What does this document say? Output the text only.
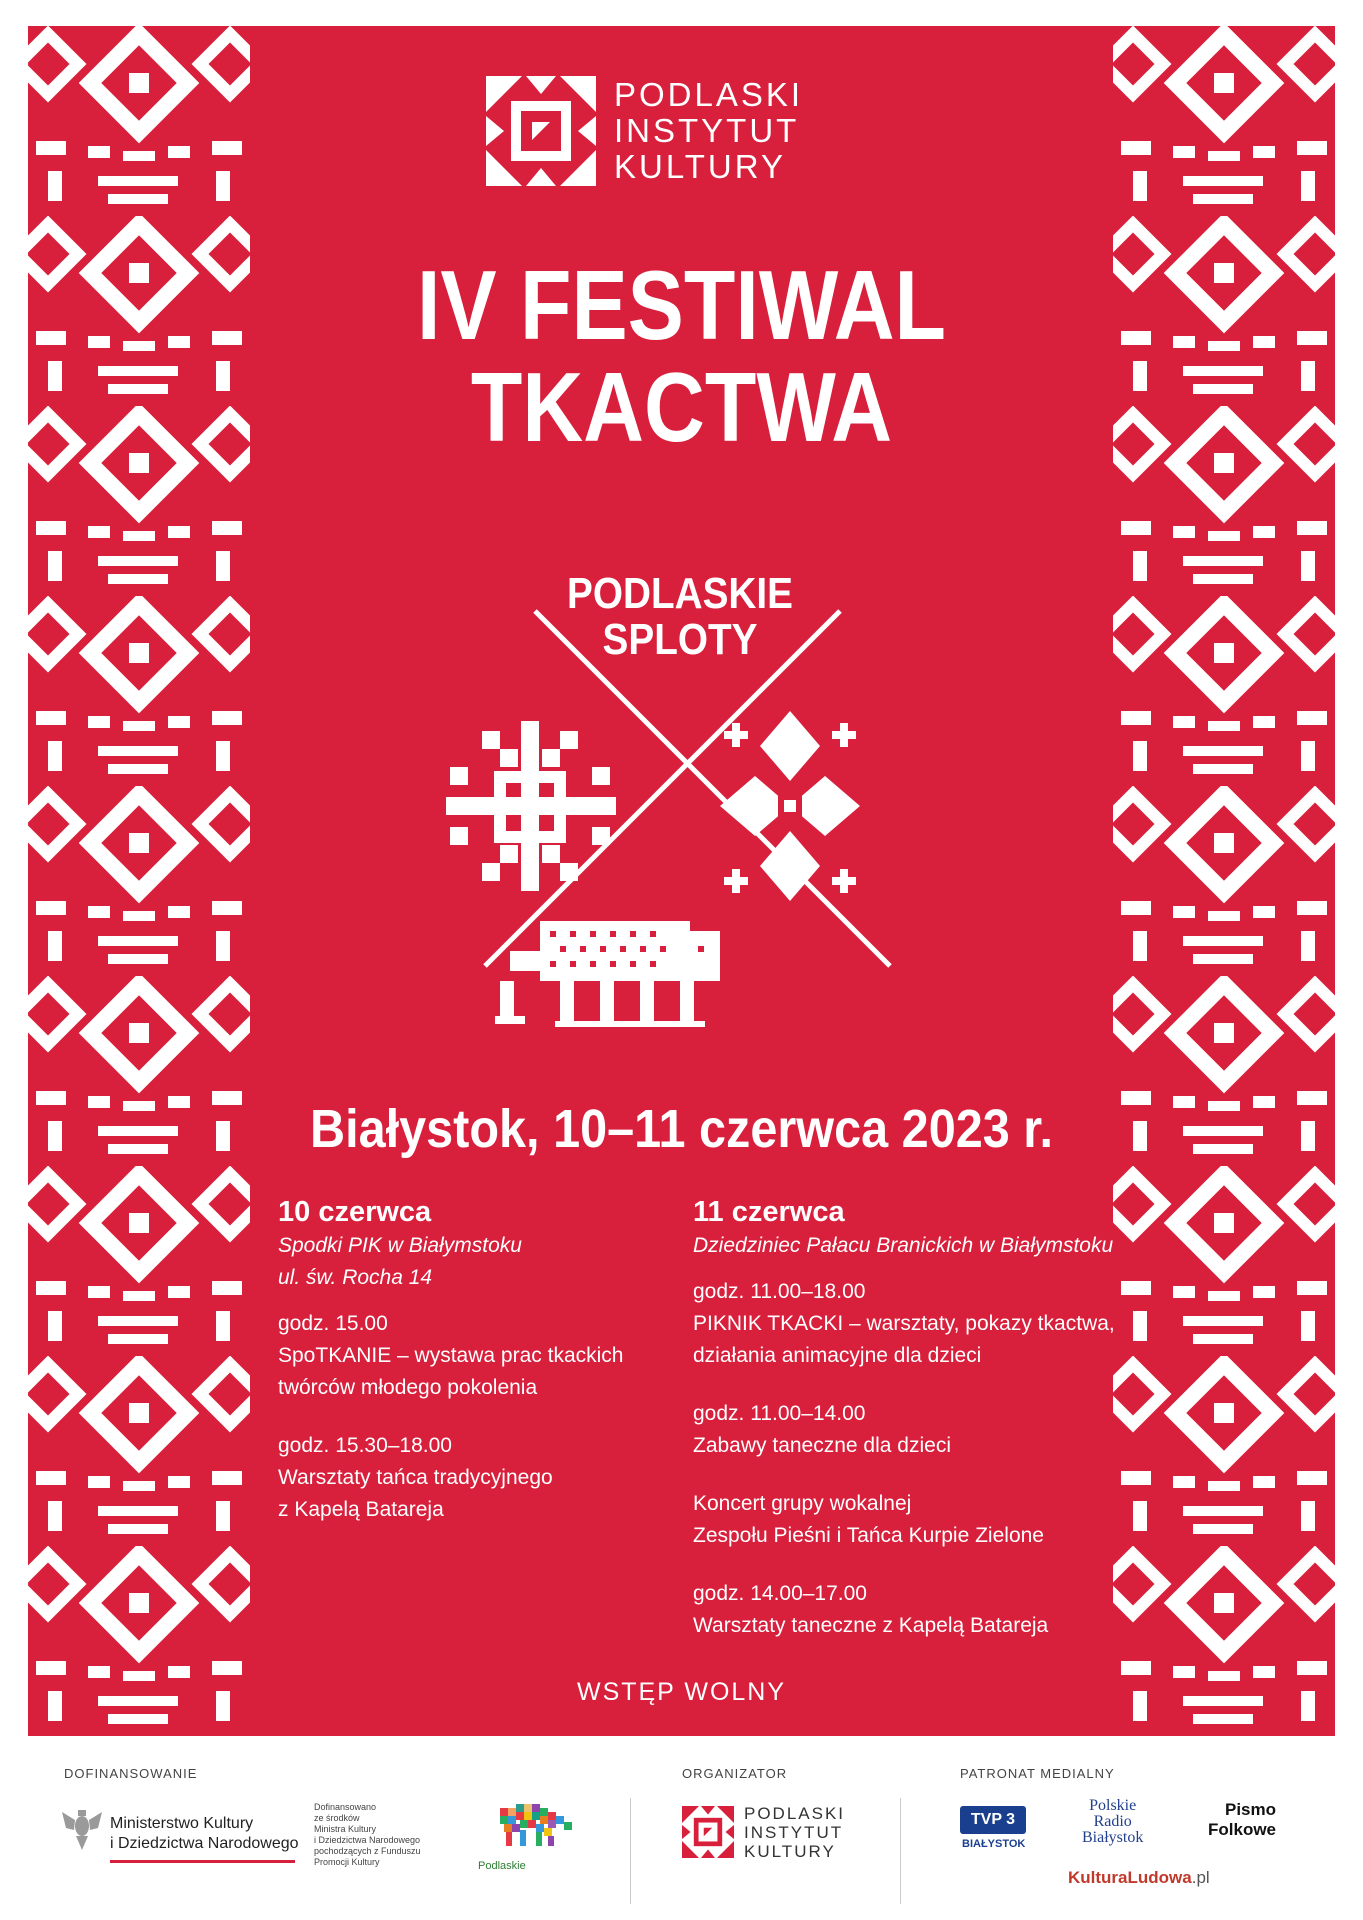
PODLASKI
INSTYTUT
KULTURY
IV FESTIWAL
TKACTWA
PODLASKIE
SPLOTY
Białystok, 10–11 czerwca 2023 r.
10 czerwca
Spodki PIK w Białymstoku
ul. św. Rocha 14

godz. 15.00

SpoTKANIE – wystawa prac tkackich

twórców młodego pokolenia

godz. 15.30–18.00

Warsztaty tańca tradycyjnego

z Kapelą Batareja

11 czerwca
Dziedziniec Pałacu Branickich w Białymstoku

godz. 11.00–18.00

PIKNIK TKACKI – warsztaty, pokazy tkactwa,

działania animacyjne dla dzieci

godz. 11.00–14.00

Zabawy taneczne dla dzieci

Koncert grupy wokalnej

Zespołu Pieśni i Tańca Kurpie Zielone

godz. 14.00–17.00

Warsztaty taneczne z Kapelą Batareja

WSTĘP WOLNY
DOFINANSOWANIE	ORGANIZATOR	PATRONAT MEDIALNY
Ministerstwo Kultury
i Dziedzictwa Narodowego
Dofinansowano
ze środków
Ministra Kultury
i Dziedzictwa Narodowego
pochodzących z Funduszu
Promocji Kultury	Podlaskie
PODLASKI
INSTYTUT
KULTURY
TVP 3
BIAŁYSTOK
Polskie
Radio
Białystok
Pismo
Folkowe
KulturaLudowa.pl
